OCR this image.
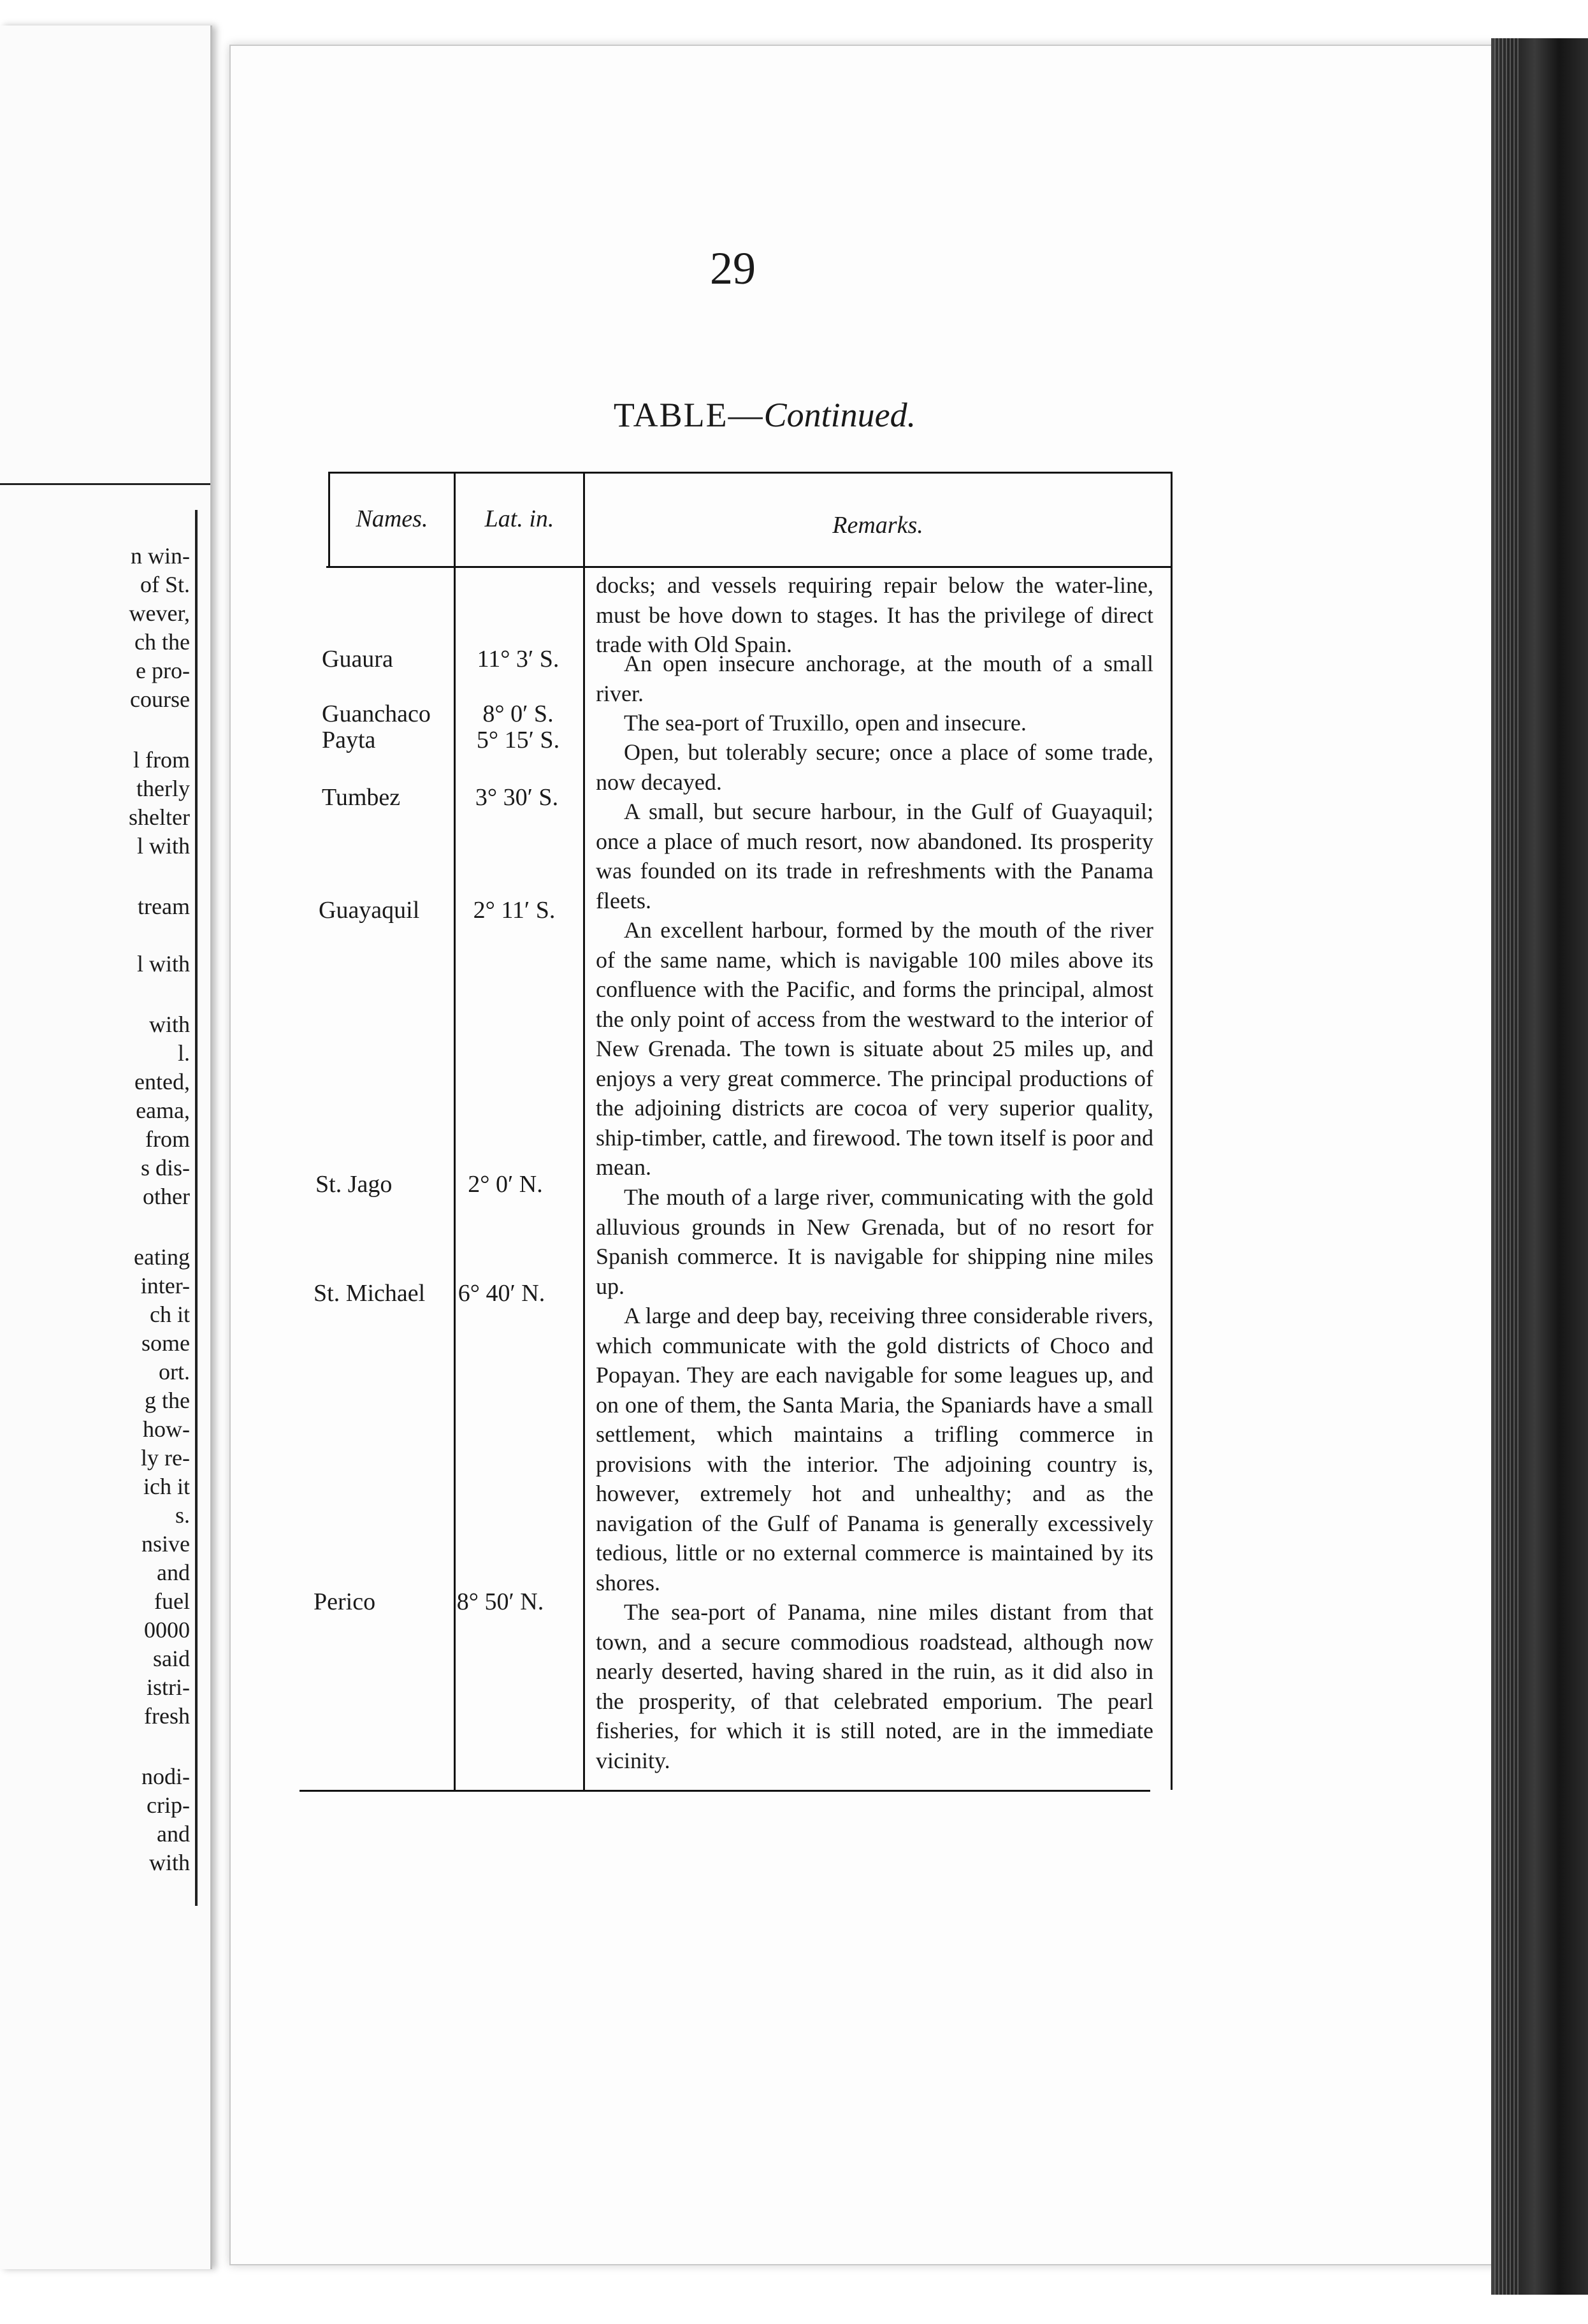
n win-
of St.
wever,
ch the
e pro-
course
l from
therly
shelter
l with
tream
l with
with
l.
ented,
eama,
from
s dis-
other
eating
inter-
ch it
some
ort.
g the
how-
ly re-
ich it
s.
nsive
and
fuel
0000
said
istri-
fresh
nodi-
crip-
and
with
29
TABLE—Continued.
Names.	Lat. in.	Remarks.
Guaura
Guanchaco
Payta
Tumbez
Guayaquil
St. Jago
St. Michael
Perico
11° 3′ S.
8° 0′ S.
5° 15′ S.
3° 30′ S.
2° 11′ S.
2° 0′ N.
6° 40′ N.
8° 50′ N.
docks; and vessels requiring repair below the water-line, must be hove down to stages. It has the privilege of direct trade with Old Spain.
An open insecure anchorage, at the mouth of a small river.
The sea-port of Truxillo, open and insecure.
Open, but tolerably secure; once a place of some trade, now decayed.
A small, but secure harbour, in the Gulf of Guayaquil; once a place of much resort, now abandoned. Its prosperity was founded on its trade in refreshments with the Panama fleets.
An excellent harbour, formed by the mouth of the river of the same name, which is navigable 100 miles above its confluence with the Pacific, and forms the principal, almost the only point of access from the westward to the interior of New Grenada. The town is situate about 25 miles up, and enjoys a very great commerce. The principal productions of the adjoining districts are cocoa of very superior quality, ship-timber, cattle, and firewood. The town itself is poor and mean.
The mouth of a large river, communicating with the gold alluvious grounds in New Grenada, but of no resort for Spanish commerce. It is navigable for shipping nine miles up.
A large and deep bay, receiving three considerable rivers, which communicate with the gold districts of Choco and Popayan. They are each navigable for some leagues up, and on one of them, the Santa Maria, the Spaniards have a small settlement, which maintains a trifling commerce in provisions with the interior. The adjoining country is, however, extremely hot and unhealthy; and as the navigation of the Gulf of Panama is generally excessively tedious, little or no external commerce is maintained by its shores.
The sea-port of Panama, nine miles distant from that town, and a secure commodious roadstead, although now nearly deserted, having shared in the ruin, as it did also in the prosperity, of that celebrated emporium. The pearl fisheries, for which it is still noted, are in the immediate vicinity.
